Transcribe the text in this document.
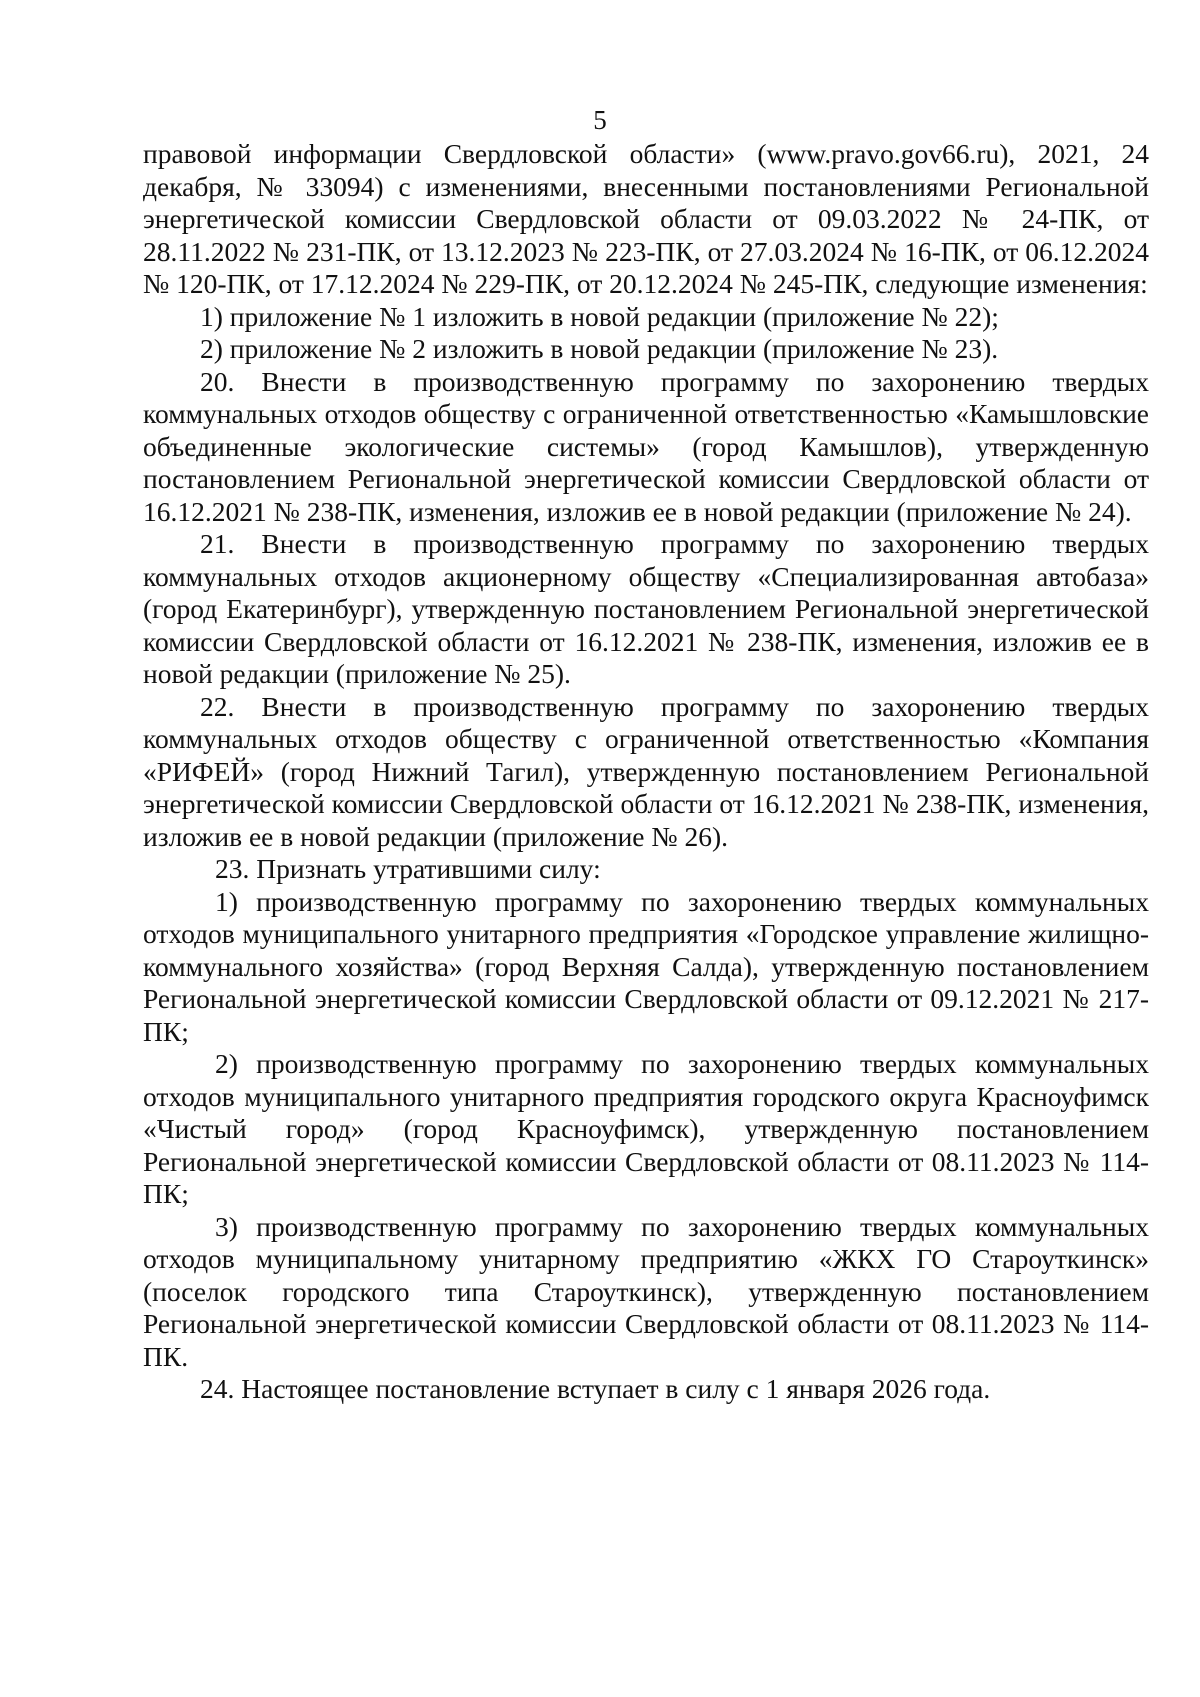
5

правовой информации Свердловской области» (www.pravo.gov66.ru), 2021, 24 декабря, № 33094) с изменениями, внесенными постановлениями Региональной энергетической комиссии Свердловской области от 09.03.2022 № 24-ПК, от 28.11.2022 № 231-ПК, от 13.12.2023 № 223-ПК, от 27.03.2024 № 16-ПК, от 06.12.2024 № 120-ПК, от 17.12.2024 № 229-ПК, от 20.12.2024 № 245-ПК, следующие изменения:

1) приложение № 1 изложить в новой редакции (приложение № 22);

2) приложение № 2 изложить в новой редакции (приложение № 23).

20. Внести в производственную программу по захоронению твердых коммунальных отходов обществу с ограниченной ответственностью «Камышловские объединенные экологические системы» (город Камышлов), утвержденную постановлением Региональной энергетической комиссии Свердловской области от 16.12.2021 № 238-ПК, изменения, изложив ее в новой редакции (приложение № 24).

21. Внести в производственную программу по захоронению твердых коммунальных отходов акционерному обществу «Специализированная автобаза» (город Екатеринбург), утвержденную постановлением Региональной энергетической комиссии Свердловской области от 16.12.2021 № 238-ПК, изменения, изложив ее в новой редакции (приложение № 25).

22. Внести в производственную программу по захоронению твердых коммунальных отходов обществу с ограниченной ответственностью «Компания «РИФЕЙ» (город Нижний Тагил), утвержденную постановлением Региональной энергетической комиссии Свердловской области от 16.12.2021 № 238-ПК, изменения, изложив ее в новой редакции (приложение № 26).

23. Признать утратившими силу:

1) производственную программу по захоронению твердых коммунальных отходов муниципального унитарного предприятия «Городское управление жилищно-коммунального хозяйства» (город Верхняя Салда), утвержденную постановлением Региональной энергетической комиссии Свердловской области от 09.12.2021 № 217-ПК;

2) производственную программу по захоронению твердых коммунальных отходов муниципального унитарного предприятия городского округа Красноуфимск «Чистый город» (город Красноуфимск), утвержденную постановлением Региональной энергетической комиссии Свердловской области от 08.11.2023 № 114-ПК;

3) производственную программу по захоронению твердых коммунальных отходов муниципальному унитарному предприятию «ЖКХ ГО Староуткинск» (поселок городского типа Староуткинск), утвержденную постановлением Региональной энергетической комиссии Свердловской области от 08.11.2023 № 114-ПК.

24. Настоящее постановление вступает в силу с 1 января 2026 года.
